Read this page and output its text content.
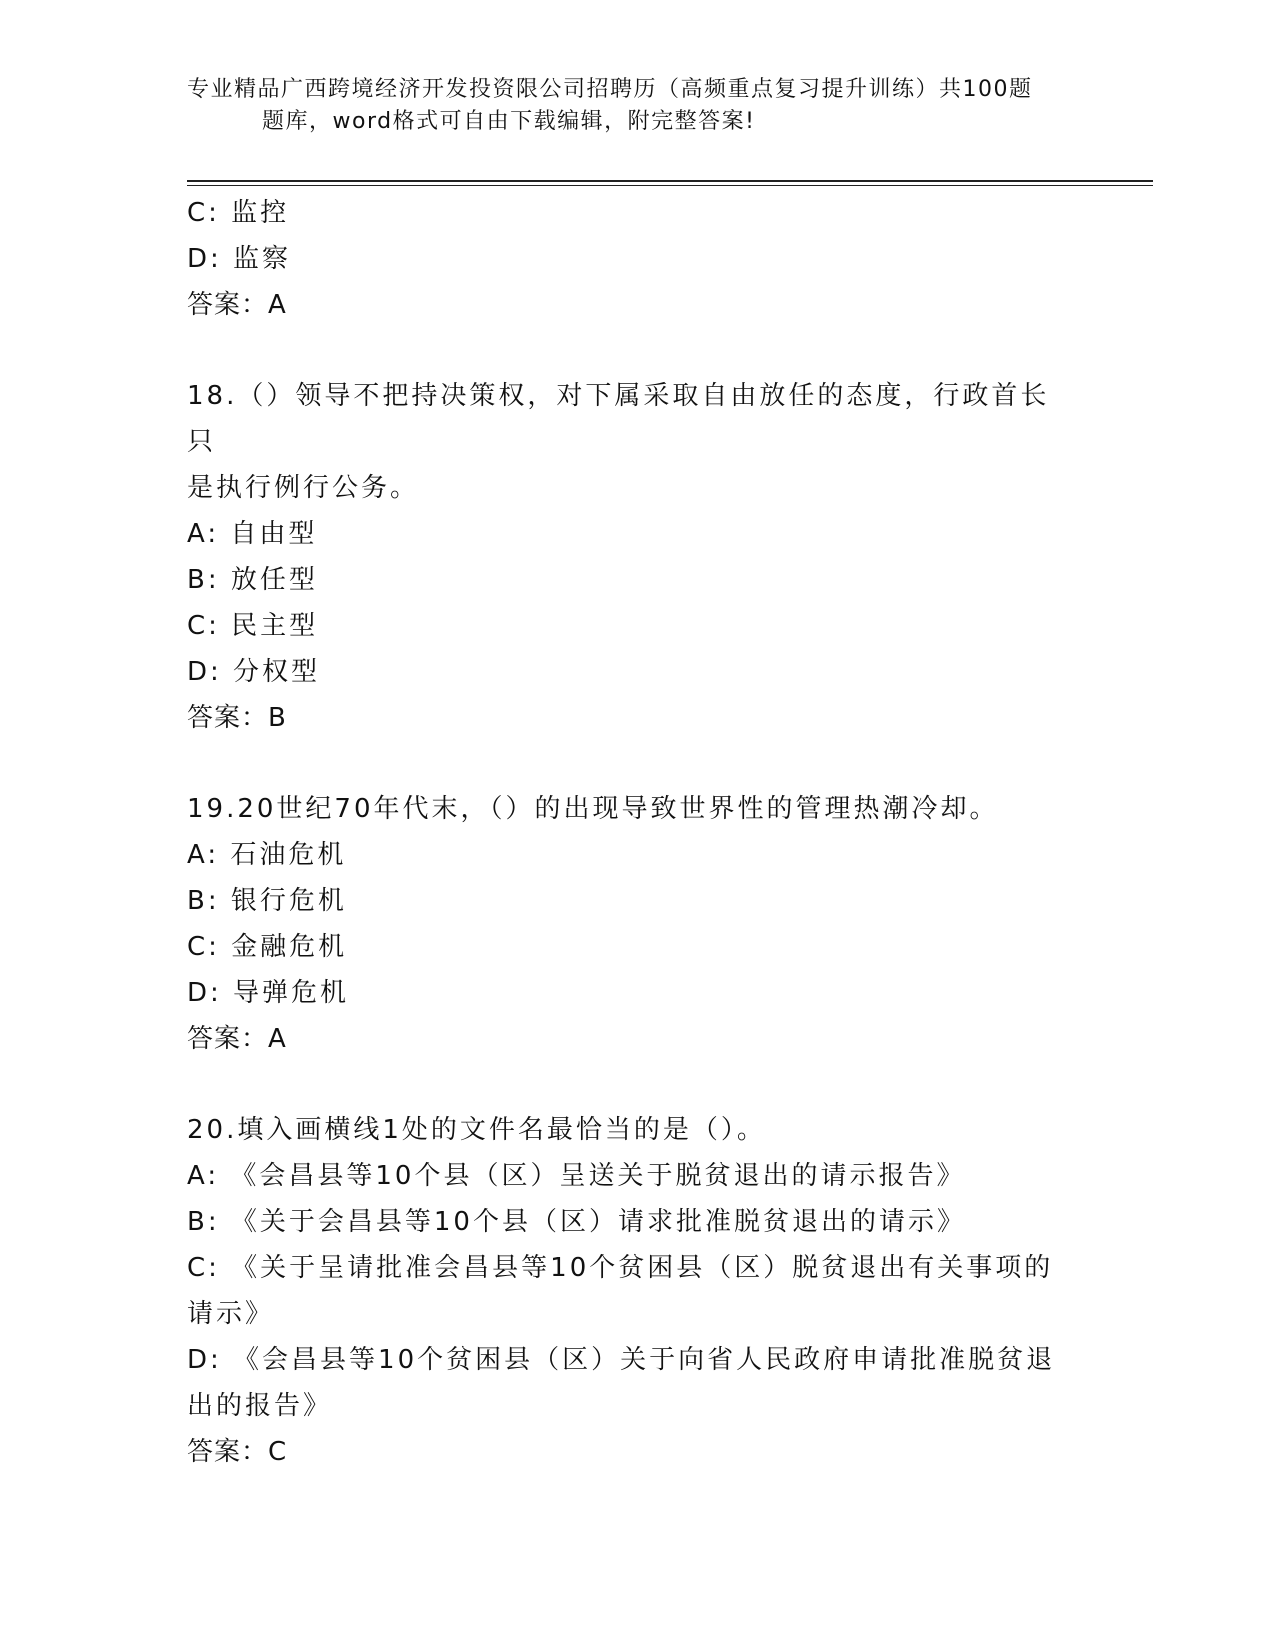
专业精品广西跨境经济开发投资限公司招聘历（高频重点复习提升训练）共100题
题库，word格式可自由下载编辑，附完整答案!
C: 监控
D: 监察
答案：A
18.（）领导不把持决策权，对下属采取自由放任的态度，行政首长只
是执行例行公务。
A: 自由型
B: 放任型
C: 民主型
D: 分权型
答案：B
19.20世纪70年代末，（）的出现导致世界性的管理热潮冷却。
A: 石油危机
B: 银行危机
C: 金融危机
D: 导弹危机
答案：A
20.填入画横线1处的文件名最恰当的是（）。
A: 《会昌县等10个县（区）呈送关于脱贫退出的请示报告》
B: 《关于会昌县等10个县（区）请求批准脱贫退出的请示》
C: 《关于呈请批准会昌县等10个贫困县（区）脱贫退出有关事项的
请示》
D: 《会昌县等10个贫困县（区）关于向省人民政府申请批准脱贫退
出的报告》
答案：C
